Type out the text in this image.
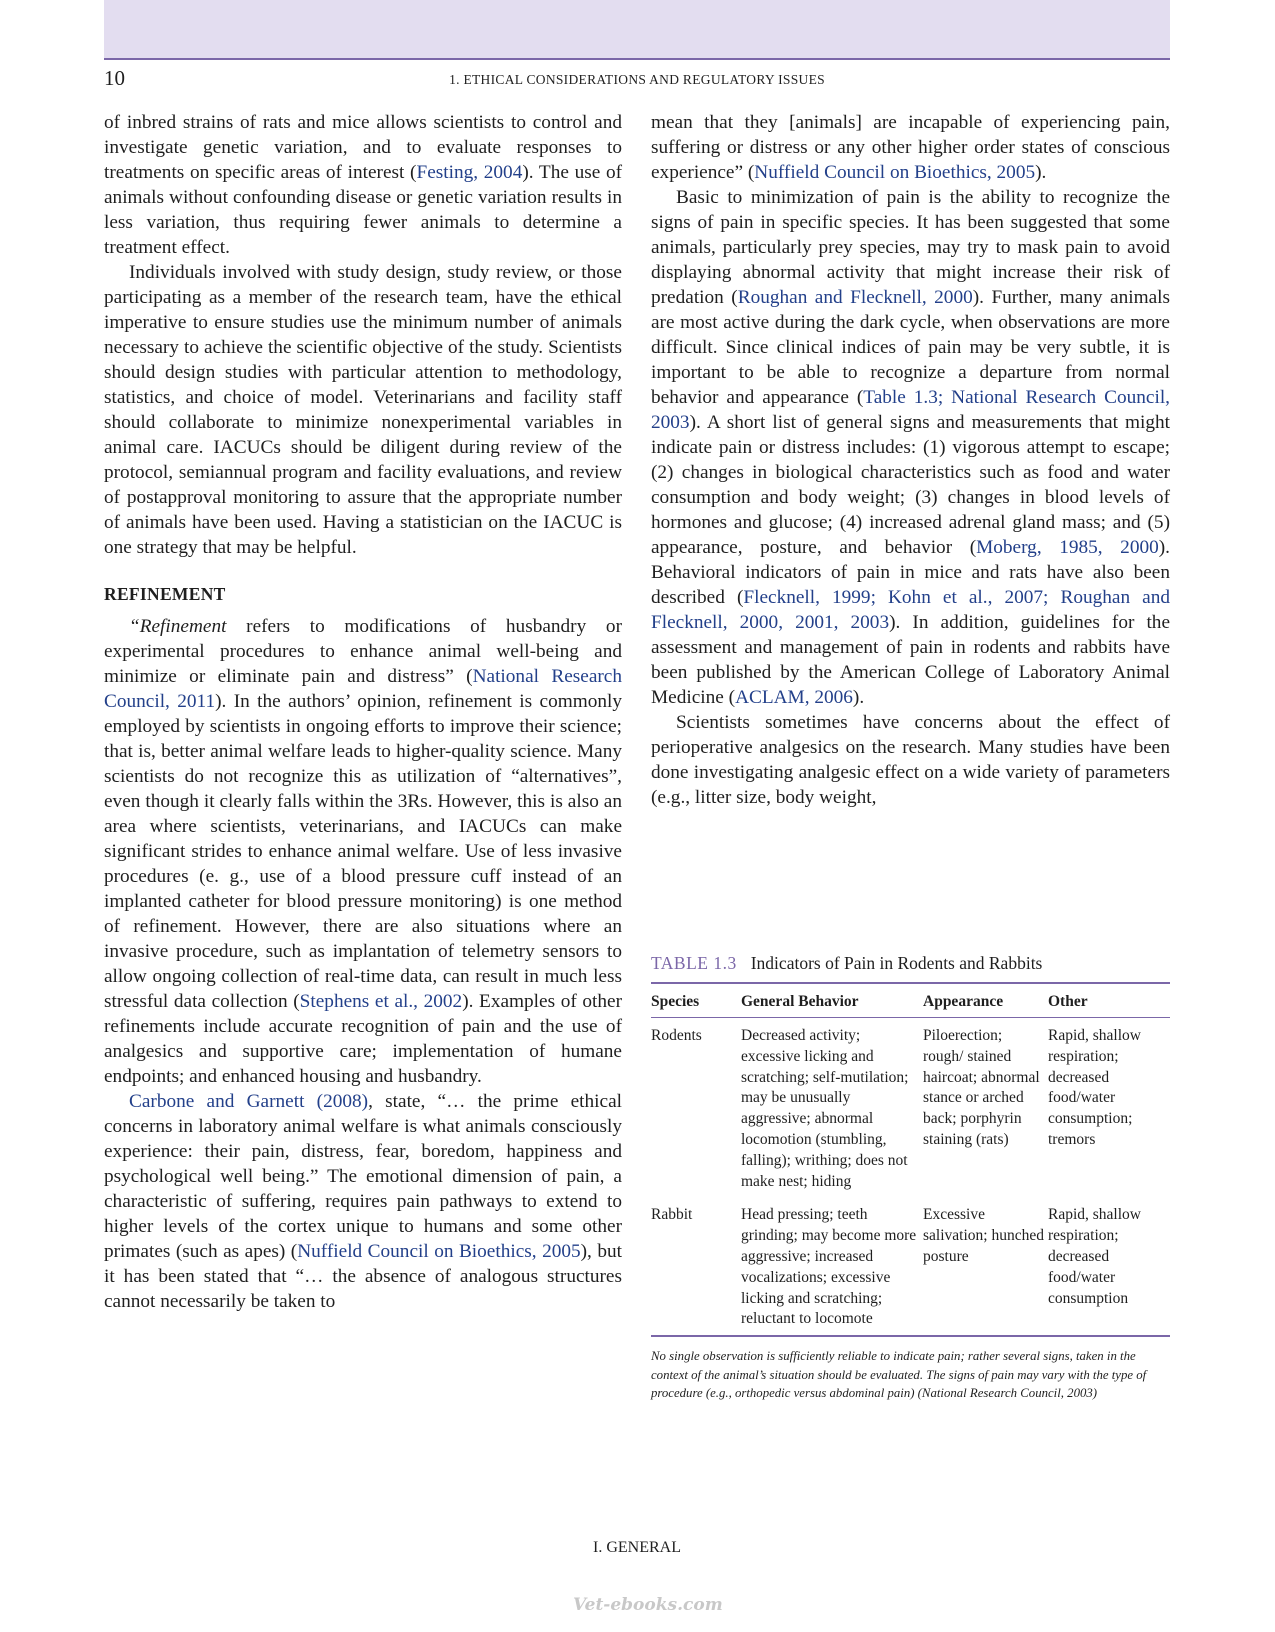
10	1. ETHICAL CONSIDERATIONS AND REGULATORY ISSUES

of inbred strains of rats and mice allows scientists to control and investigate genetic variation, and to evaluate responses to treatments on specific areas of interest (Festing, 2004). The use of animals without confounding disease or genetic variation results in less variation, thus requiring fewer animals to determine a treatment effect.

Individuals involved with study design, study review, or those participating as a member of the research team, have the ethical imperative to ensure studies use the minimum number of animals necessary to achieve the scientific objective of the study. Scientists should design studies with particular attention to methodology, statistics, and choice of model. Veterinarians and facility staff should collaborate to minimize nonexperimental variables in animal care. IACUCs should be diligent during review of the protocol, semiannual program and facility evaluations, and review of postapproval monitoring to assure that the appropriate number of animals have been used. Having a statistician on the IACUC is one strategy that may be helpful.

REFINEMENT

“Refinement refers to modifications of husbandry or experimental procedures to enhance animal well-being and minimize or eliminate pain and distress” (National Research Council, 2011). In the authors’ opinion, refinement is commonly employed by scientists in ongoing efforts to improve their science; that is, better animal welfare leads to higher-quality science. Many scientists do not recognize this as utilization of “alternatives”, even though it clearly falls within the 3Rs. However, this is also an area where scientists, veterinarians, and IACUCs can make significant strides to enhance animal welfare. Use of less invasive procedures (e. g., use of a blood pressure cuff instead of an implanted catheter for blood pressure monitoring) is one method of refinement. However, there are also situations where an invasive procedure, such as implantation of telemetry sensors to allow ongoing collection of real-time data, can result in much less stressful data collection (Stephens et al., 2002). Examples of other refinements include accurate recognition of pain and the use of analgesics and supportive care; implementation of humane endpoints; and enhanced housing and husbandry.

Carbone and Garnett (2008), state, “… the prime ethical concerns in laboratory animal welfare is what animals consciously experience: their pain, distress, fear, boredom, happiness and psychological well being.” The emotional dimension of pain, a characteristic of suffering, requires pain pathways to extend to higher levels of the cortex unique to humans and some other primates (such as apes) (Nuffield Council on Bioethics, 2005), but it has been stated that “… the absence of analogous structures cannot necessarily be taken to

mean that they [animals] are incapable of experiencing pain, suffering or distress or any other higher order states of conscious experience” (Nuffield Council on Bioethics, 2005).

Basic to minimization of pain is the ability to recognize the signs of pain in specific species. It has been suggested that some animals, particularly prey species, may try to mask pain to avoid displaying abnormal activity that might increase their risk of predation (Roughan and Flecknell, 2000). Further, many animals are most active during the dark cycle, when observations are more difficult. Since clinical indices of pain may be very subtle, it is important to be able to recognize a departure from normal behavior and appearance (Table 1.3; National Research Council, 2003). A short list of general signs and measurements that might indicate pain or distress includes: (1) vigorous attempt to escape; (2) changes in biological characteristics such as food and water consumption and body weight; (3) changes in blood levels of hormones and glucose; (4) increased adrenal gland mass; and (5) appearance, posture, and behavior (Moberg, 1985, 2000). Behavioral indicators of pain in mice and rats have also been described (Flecknell, 1999; Kohn et al., 2007; Roughan and Flecknell, 2000, 2001, 2003). In addition, guidelines for the assessment and management of pain in rodents and rabbits have been published by the American College of Laboratory Animal Medicine (ACLAM, 2006).

Scientists sometimes have concerns about the effect of perioperative analgesics on the research. Many studies have been done investigating analgesic effect on a wide variety of parameters (e.g., litter size, body weight,

TABLE 1.3 Indicators of Pain in Rodents and Rabbits
Species	General Behavior	Appearance	Other
Rodents	Decreased activity; excessive licking and scratching; self-mutilation; may be unusually aggressive; abnormal locomotion (stumbling, falling); writhing; does not make nest; hiding	Piloerection; rough/ stained haircoat; abnormal stance or arched back; porphyrin staining (rats)	Rapid, shallow respiration; decreased food/water consumption; tremors
Rabbit	Head pressing; teeth grinding; may become more aggressive; increased vocalizations; excessive licking and scratching; reluctant to locomote	Excessive salivation; hunched posture	Rapid, shallow respiration; decreased food/water consumption
No single observation is sufficiently reliable to indicate pain; rather several signs, taken in the context of the animal’s situation should be evaluated. The signs of pain may vary with the type of procedure (e.g., orthopedic versus abdominal pain) (National Research Council, 2003)
I. GENERAL
Vet-ebooks.com
